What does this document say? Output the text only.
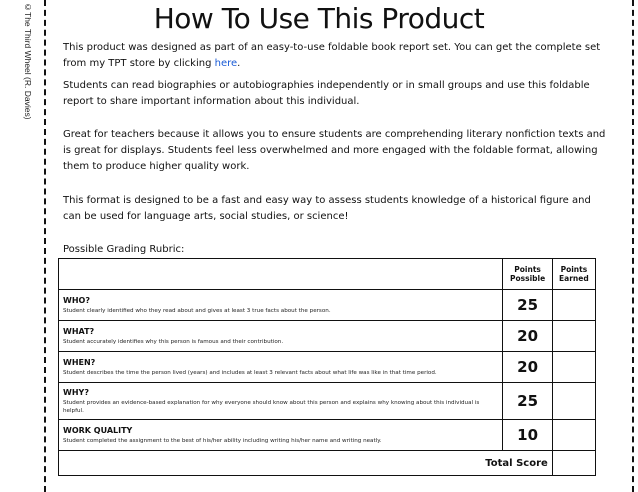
©The Third Wheel (R. Davies)	How To Use This Product
This product was designed as part of an easy-to-use foldable book report set. You can get the complete set from my TPT store by clicking here.
Students can read biographies or autobiographies independently or in small groups and use this foldable report to share important information about this individual.
Great for teachers because it allows you to ensure students are comprehending literary nonfiction texts and is great for displays. Students feel less overwhelmed and more engaged with the foldable format, allowing them to produce higher quality work.
This format is designed to be a fast and easy way to assess students knowledge of a historical figure and can be used for language arts, social studies, or science!
Possible Grading Rubric:
	Points Possible	Points Earned

WHO?
Student clearly identified who they read about and gives at least 3 true facts about the person.	25	

WHAT?
Student accurately identifies why this person is famous and their contribution.	20	

WHEN?
Student describes the time the person lived (years) and includes at least 3 relevant facts about what life was like in that time period.	20	

WHY?
Student provides an evidence-based explanation for why everyone should know about this person and explains why knowing about this individual is helpful.	25	

WORK QUALITY
Student completed the assignment to the best of his/her ability including writing his/her name and writing neatly.	10	
Total Score		
